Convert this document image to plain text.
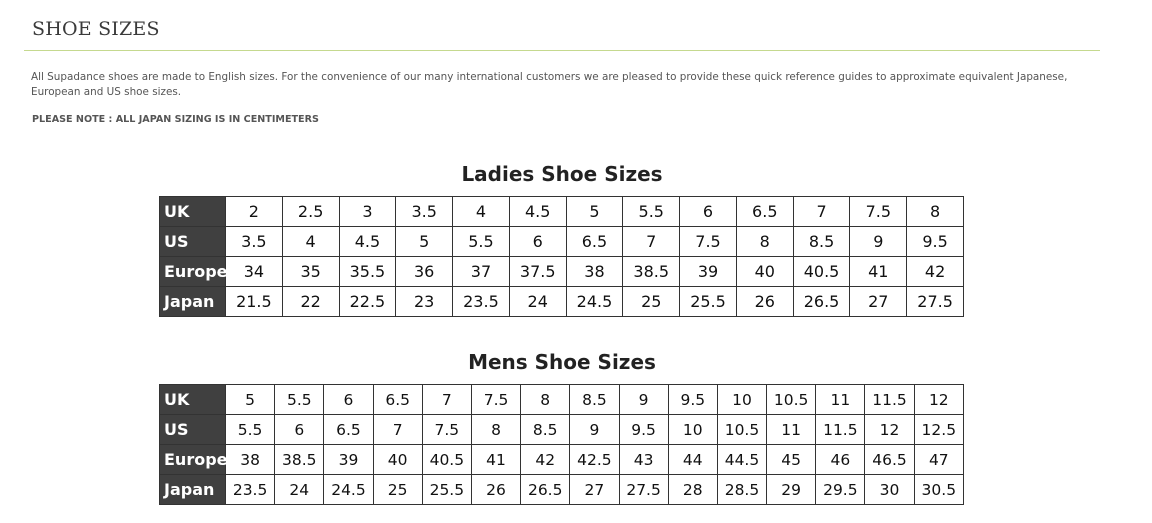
SHOE SIZES
All Supadance shoes are made to English sizes. For the convenience of our many international customers we are pleased to provide these quick reference guides to approximate equivalent Japanese, European and US shoe sizes.
PLEASE NOTE : ALL JAPAN SIZING IS IN CENTIMETERS
Ladies Shoe Sizes
UK	2	2.5	3	3.5	4	4.5	5	5.5	6	6.5	7	7.5	8
US	3.5	4	4.5	5	5.5	6	6.5	7	7.5	8	8.5	9	9.5
Europe	34	35	35.5	36	37	37.5	38	38.5	39	40	40.5	41	42
Japan	21.5	22	22.5	23	23.5	24	24.5	25	25.5	26	26.5	27	27.5
Mens Shoe Sizes
UK	5	5.5	6	6.5	7	7.5	8	8.5	9	9.5	10	10.5	11	11.5	12
US	5.5	6	6.5	7	7.5	8	8.5	9	9.5	10	10.5	11	11.5	12	12.5
Europe	38	38.5	39	40	40.5	41	42	42.5	43	44	44.5	45	46	46.5	47
Japan	23.5	24	24.5	25	25.5	26	26.5	27	27.5	28	28.5	29	29.5	30	30.5
